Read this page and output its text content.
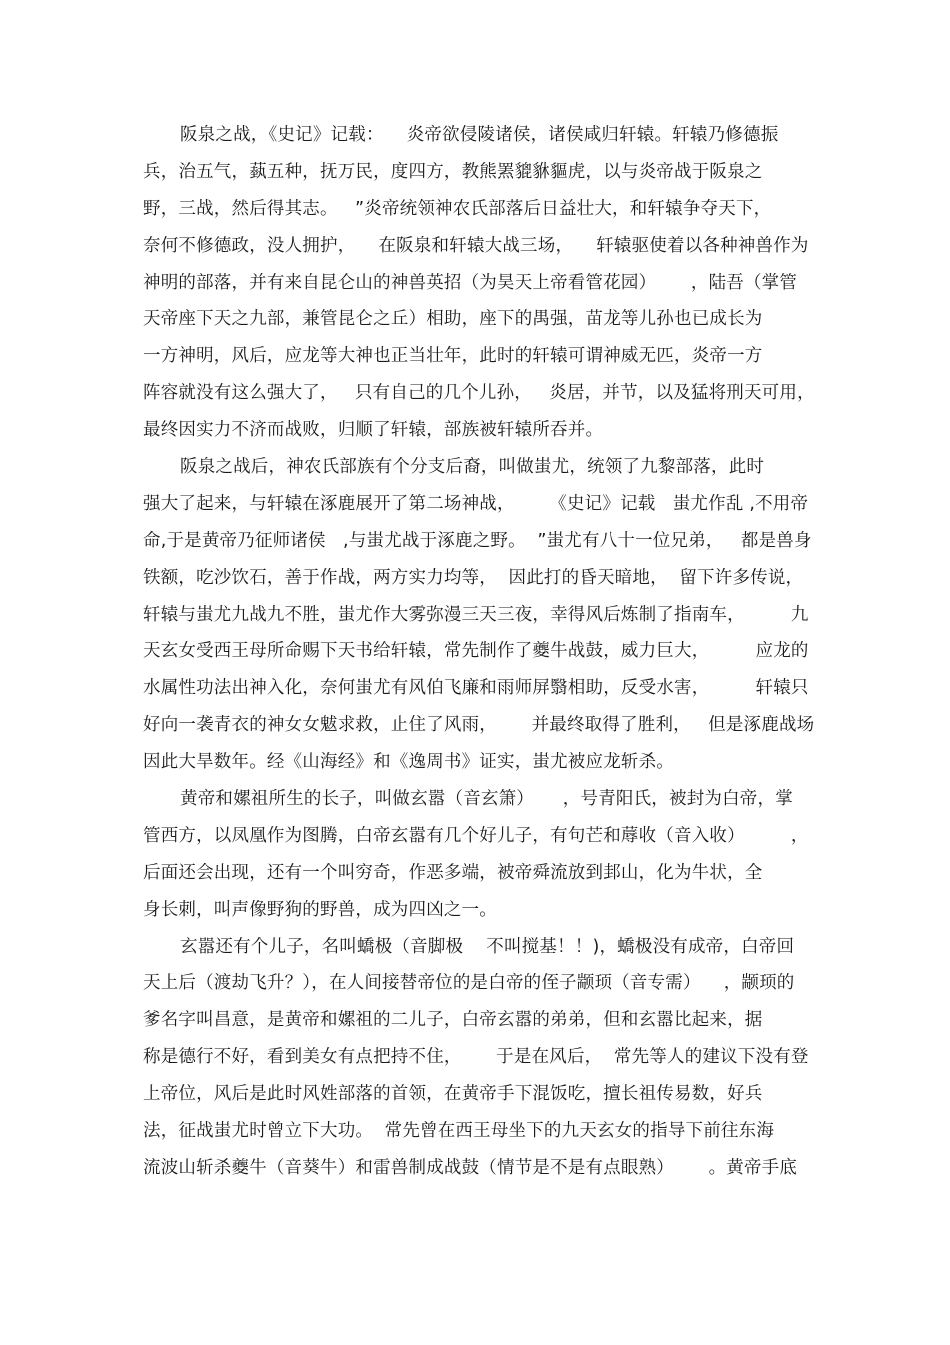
阪泉之战，《史记》记载：    炎帝欲侵陵诸侯，诸侯咸归轩辕。轩辕乃修德振
兵，治五气，蓺五种，抚万民，度四方，教熊罴貔貅貙虎，以与炎帝战于阪泉之
野，三战，然后得其志。   ”炎帝统领神农氏部落后日益壮大，和轩辕争夺天下，
奈何不修德政，没人拥护，    在阪泉和轩辕大战三场，    轩辕驱使着以各种神兽作为
神明的部落，并有来自昆仑山的神兽英招（为昊天上帝看管花园）      ，陆吾（掌管
天帝座下天之九部，兼管昆仑之丘）相助，座下的禺强，苗龙等儿孙也已成长为
一方神明，风后，应龙等大神也正当壮年，此时的轩辕可谓神威无匹，炎帝一方
阵容就没有这么强大了，   只有自己的几个儿孙，   炎居，并节，以及猛将刑天可用，
最终因实力不济而战败，归顺了轩辕，部族被轩辕所吞并。

阪泉之战后，神农氏部族有个分支后裔，叫做蚩尤，统领了九黎部落，此时
强大了起来，与轩辕在涿鹿展开了第二场神战，      《史记》记载   蚩尤作乱 ,不用帝
命,于是黄帝乃征师诸侯   ,与蚩尤战于涿鹿之野。  ”蚩尤有八十一位兄弟，   都是兽身
铁额，吃沙饮石，善于作战，两方实力均等，  因此打的昏天暗地，  留下许多传说，
轩辕与蚩尤九战九不胜，蚩尤作大雾弥漫三天三夜，幸得风后炼制了指南车，        九
天玄女受西王母所命赐下天书给轩辕，常先制作了夔牛战鼓，威力巨大，        应龙的
水属性功法出神入化，奈何蚩尤有风伯飞廉和雨师屏翳相助，反受水害，        轩辕只
好向一袭青衣的神女女魃求救，止住了风雨，      并最终取得了胜利，   但是涿鹿战场
因此大旱数年。经《山海经》和《逸周书》证实，蚩尤被应龙斩杀。

黄帝和嫘祖所生的长子，叫做玄嚣（音玄箫）     ，号青阳氏，被封为白帝，掌
管西方，以凤凰作为图腾，白帝玄嚣有几个好儿子，有句芒和蓐收（音入收）        ，
后面还会出现，还有一个叫穷奇，作恶多端，被帝舜流放到邽山，化为牛状，全
身长刺，叫声像野狗的野兽，成为四凶之一。

玄嚣还有个儿子，名叫蟜极（音脚极    不叫搅基！！)，蟜极没有成帝，白帝回
天上后（渡劫飞升？），在人间接替帝位的是白帝的侄子颛顼（音专需）    ，颛顼的
爹名字叫昌意，是黄帝和嫘祖的二儿子，白帝玄嚣的弟弟，但和玄嚣比起来，据
称是德行不好，看到美女有点把持不住，      于是在风后，  常先等人的建议下没有登
上帝位，风后是此时风姓部落的首领，在黄帝手下混饭吃，擅长祖传易数，好兵
法，征战蚩尤时曾立下大功。  常先曾在西王母坐下的九天玄女的指导下前往东海
流波山斩杀夔牛（音葵牛）和雷兽制成战鼓（情节是不是有点眼熟）      。黄帝手底
